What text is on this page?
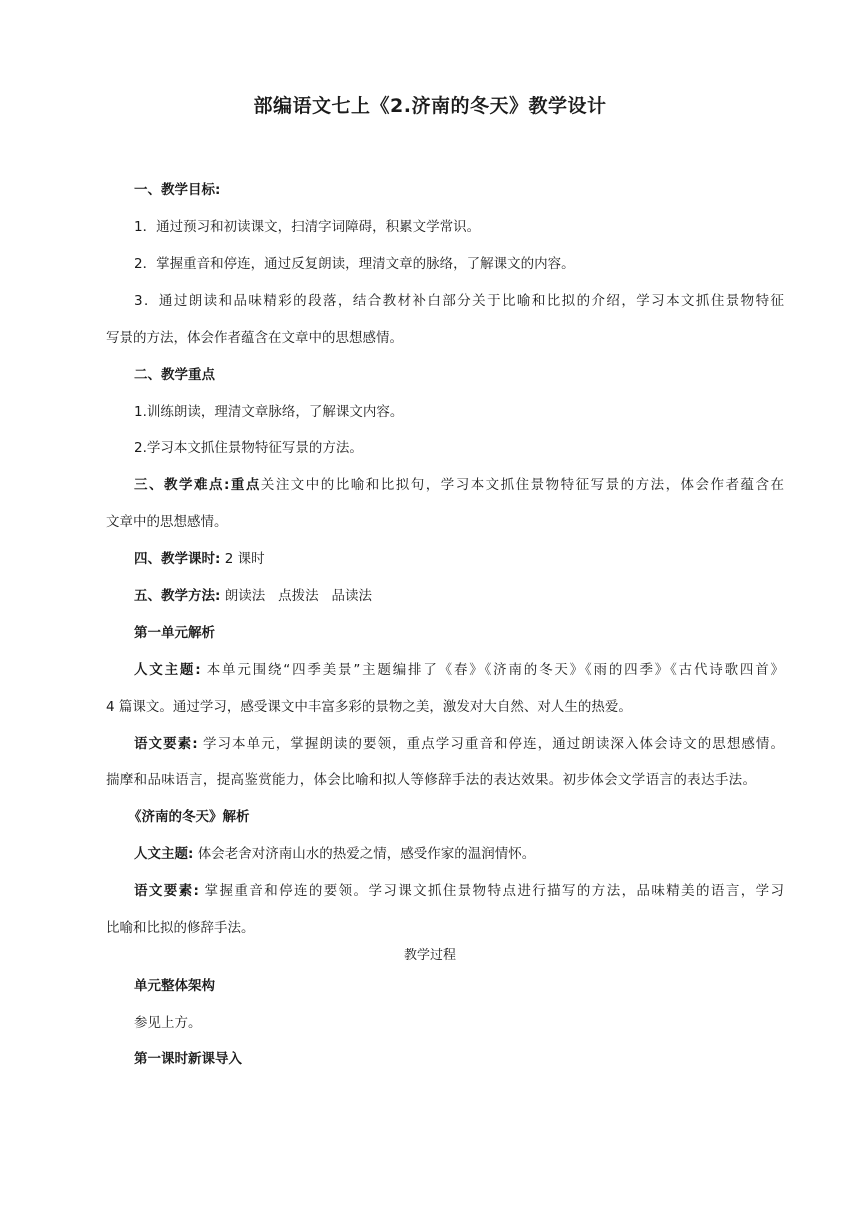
部编语文七上《2.济南的冬天》教学设计
一、教学目标:
1．通过预习和初读课文，扫清字词障碍，积累文学常识。
2．掌握重音和停连，通过反复朗读，理清文章的脉络，了解课文的内容。
3．通过朗读和品味精彩的段落，结合教材补白部分关于比喻和比拟的介绍，学习本文抓住景物特征
写景的方法，体会作者蕴含在文章中的思想感情。
二、教学重点
1.训练朗读，理清文章脉络，了解课文内容。
2.学习本文抓住景物特征写景的方法。
三、教学难点:重点关注文中的比喻和比拟句，学习本文抓住景物特征写景的方法，体会作者蕴含在
文章中的思想感情。
四、教学课时: 2 课时
五、教学方法: 朗读法   点拨法   品读法
第一单元解析
人文主题: 本单元围绕“四季美景”主题编排了《春》《济南的冬天》《雨的四季》《古代诗歌四首》
4 篇课文。通过学习，感受课文中丰富多彩的景物之美，激发对大自然、对人生的热爱。
语文要素: 学习本单元，掌握朗读的要领，重点学习重音和停连，通过朗读深入体会诗文的思想感情。
揣摩和品味语言，提高鉴赏能力，体会比喻和拟人等修辞手法的表达效果。初步体会文学语言的表达手法。
《济南的冬天》解析
人文主题: 体会老舍对济南山水的热爱之情，感受作家的温润情怀。
语文要素: 掌握重音和停连的要领。学习课文抓住景物特点进行描写的方法，品味精美的语言，学习
比喻和比拟的修辞手法。
教学过程
单元整体架构
参见上方。
第一课时新课导入
